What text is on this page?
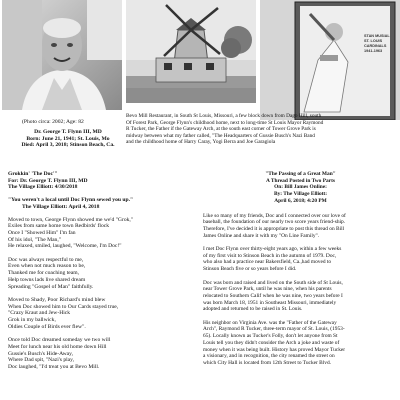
STAN MUSIAL
ST. LOUIS
CARDINALS
1941-1963
(Photo circa: 2002; Age: 82
Dr. George T. Flynn III, MD
Born: June 21, 1941; St. Louis, Mo
Died: April 3, 2018; Stinson Beach, Ca.
Bevo Mill Restaurant, in South St Louis, Missouri, a few block down from Dago Hill, south
Of Forest Park, George Flynn's childhood home, next to long-time St Louis Mayor Raymond
R Tucker, the Father if the Gateway Arch, at the south east corner of Tower Grove Park is
midway between what my father called, "The Headquarters of Gussie Busch's Nazi Band
and the childhood home of Harry Caray, Yogi Berra and Joe Garagiola
Grokkin' 'The Doc'"
For: Dr. George T. Flynn III, MD
The Village Elliott: 4/30/2018
"You weren't a local until Doc Flynn sewed you up."
The Village Elliott: April 4, 2018
Moved to town, George Flynn showed me we'd "Grok,"
Exiles from same home town Redbirds' flock
Once I "Showed Him" I'm fan
Of his idol, "The Man,"
He relaxed, smiled, laughed, "Welcome, I'm Doc!"

Doc was always respectful to me,
Even when not much reason to be,
Thanked me for coaching team,
Help towns lads live shared dream
Spreading "Gospel of Man" faithfully.

Moved to Shady, Poor Richard's mind blew
When Doc showed him to Our Cards stayed true,
"Crazy Kraut and Jew-Hick
Grok in my ballwick,
Oldies Couple of Birds ever flew".

Once told Doc dreamed someday we two will
Meet for lunch near his old home down Hill
Gussie's Busch's Hide-Away,
Where Dad spit, "Nazi's play,
Doc laughed, "I'd treat you at Bevo Mill.
"The Passing of a Great Man"
A Thread Posted in Two Parts
On: Bill James Online:
By: The Village Elliott:
April 6, 2018; 4:20 PM
Like so many of my friends, Doc and I connected over our love of
baseball, the foundation of our nearly two score years friend-ship.
Therefore, I've decided it is appropriate to post this thread on Bill
James Online and share it with my "On Line Family".

I met Doc Flynn over thirty-eight years ago, within a few weeks
of my first visit to Stinson Beach in the autumn of 1979. Doc,
who also had a practice near Bakersfield, Ca.,had moved to
Stinson Beach five or so years before I did.

Doc was born and raised and lived on the South side of St Louis,
near Tower Grove Park, until he was nine, when his parents
relocated to Southern Calif when he was nine, two years before I
was born March 18, 1951 in Southeast Missouri, immediately
adopted and returned to be raised in St. Louis.

His neighbor on Virginia Ave. was the "Father of the Gateway
Arch", Raymond R Tucker, three-term mayor of St. Louis, (1953-
65). Locally known as Tucker's Folly, don't let anyone from St
Louis tell you they didn't consider the Arch a joke and waste of
money when it was being built. History has proved Mayor Tucker
a visionary, and in recognition, the city renamed the street on
which City Hall is located from 12th Street to Tucker Blvd.
